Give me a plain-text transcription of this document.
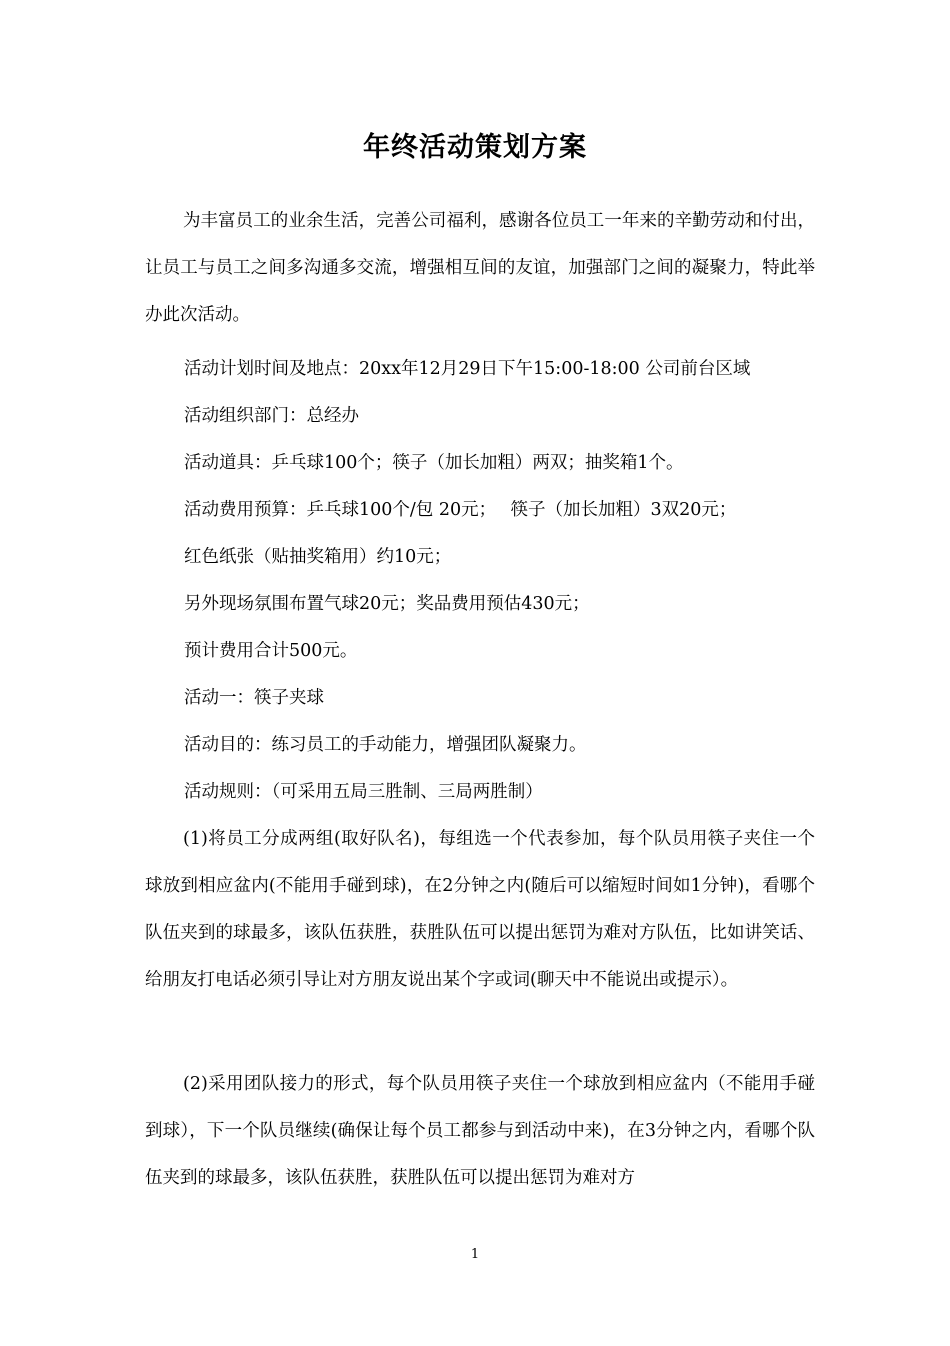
年终活动策划方案

为丰富员工的业余生活，完善公司福利，感谢各位员工一年来的辛勤劳动和付出，让员工与员工之间多沟通多交流，增强相互间的友谊，加强部门之间的凝聚力，特此举办此次活动。

活动计划时间及地点：20xx年12月29日下午15:00-18:00 公司前台区域

活动组织部门：总经办

活动道具：乒乓球100个；筷子（加长加粗）两双；抽奖箱1个。

活动费用预算：乒乓球100个/包 20元；　 筷子（加长加粗）3双20元；

红色纸张（贴抽奖箱用）约10元；

另外现场氛围布置气球20元；奖品费用预估430元；

预计费用合计500元。

活动一：筷子夹球

活动目的：练习员工的手动能力，增强团队凝聚力。

活动规则：（可采用五局三胜制、三局两胜制）

(1)将员工分成两组(取好队名)，每组选一个代表参加，每个队员用筷子夹住一个球放到相应盆内(不能用手碰到球)，在2分钟之内(随后可以缩短时间如1分钟)，看哪个队伍夹到的球最多，该队伍获胜，获胜队伍可以提出惩罚为难对方队伍，比如讲笑话、给朋友打电话必须引导让对方朋友说出某个字或词(聊天中不能说出或提示）。

(2)采用团队接力的形式，每个队员用筷子夹住一个球放到相应盆内（不能用手碰到球），下一个队员继续(确保让每个员工都参与到活动中来)，在3分钟之内，看哪个队伍夹到的球最多，该队伍获胜，获胜队伍可以提出惩罚为难对方

1
